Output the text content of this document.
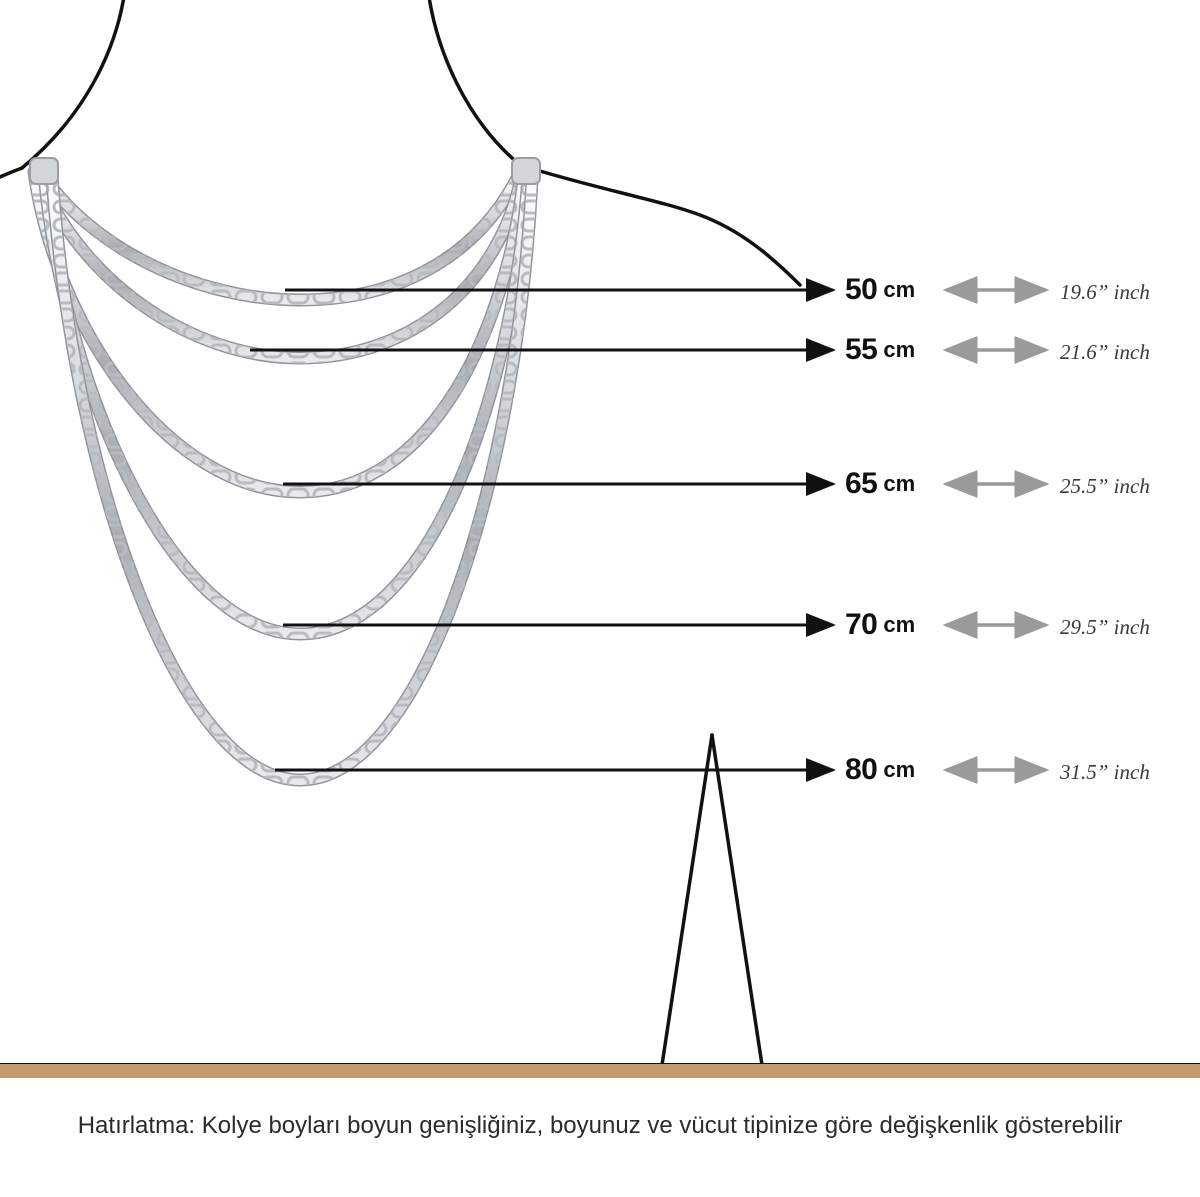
50 cm	19.6” inch
55 cm	21.6” inch
65 cm	25.5” inch
70 cm	29.5” inch
80 cm	31.5” inch
Hatırlatma: Kolye boyları boyun genişliğiniz, boyunuz ve vücut tipinize göre değişkenlik gösterebilir
